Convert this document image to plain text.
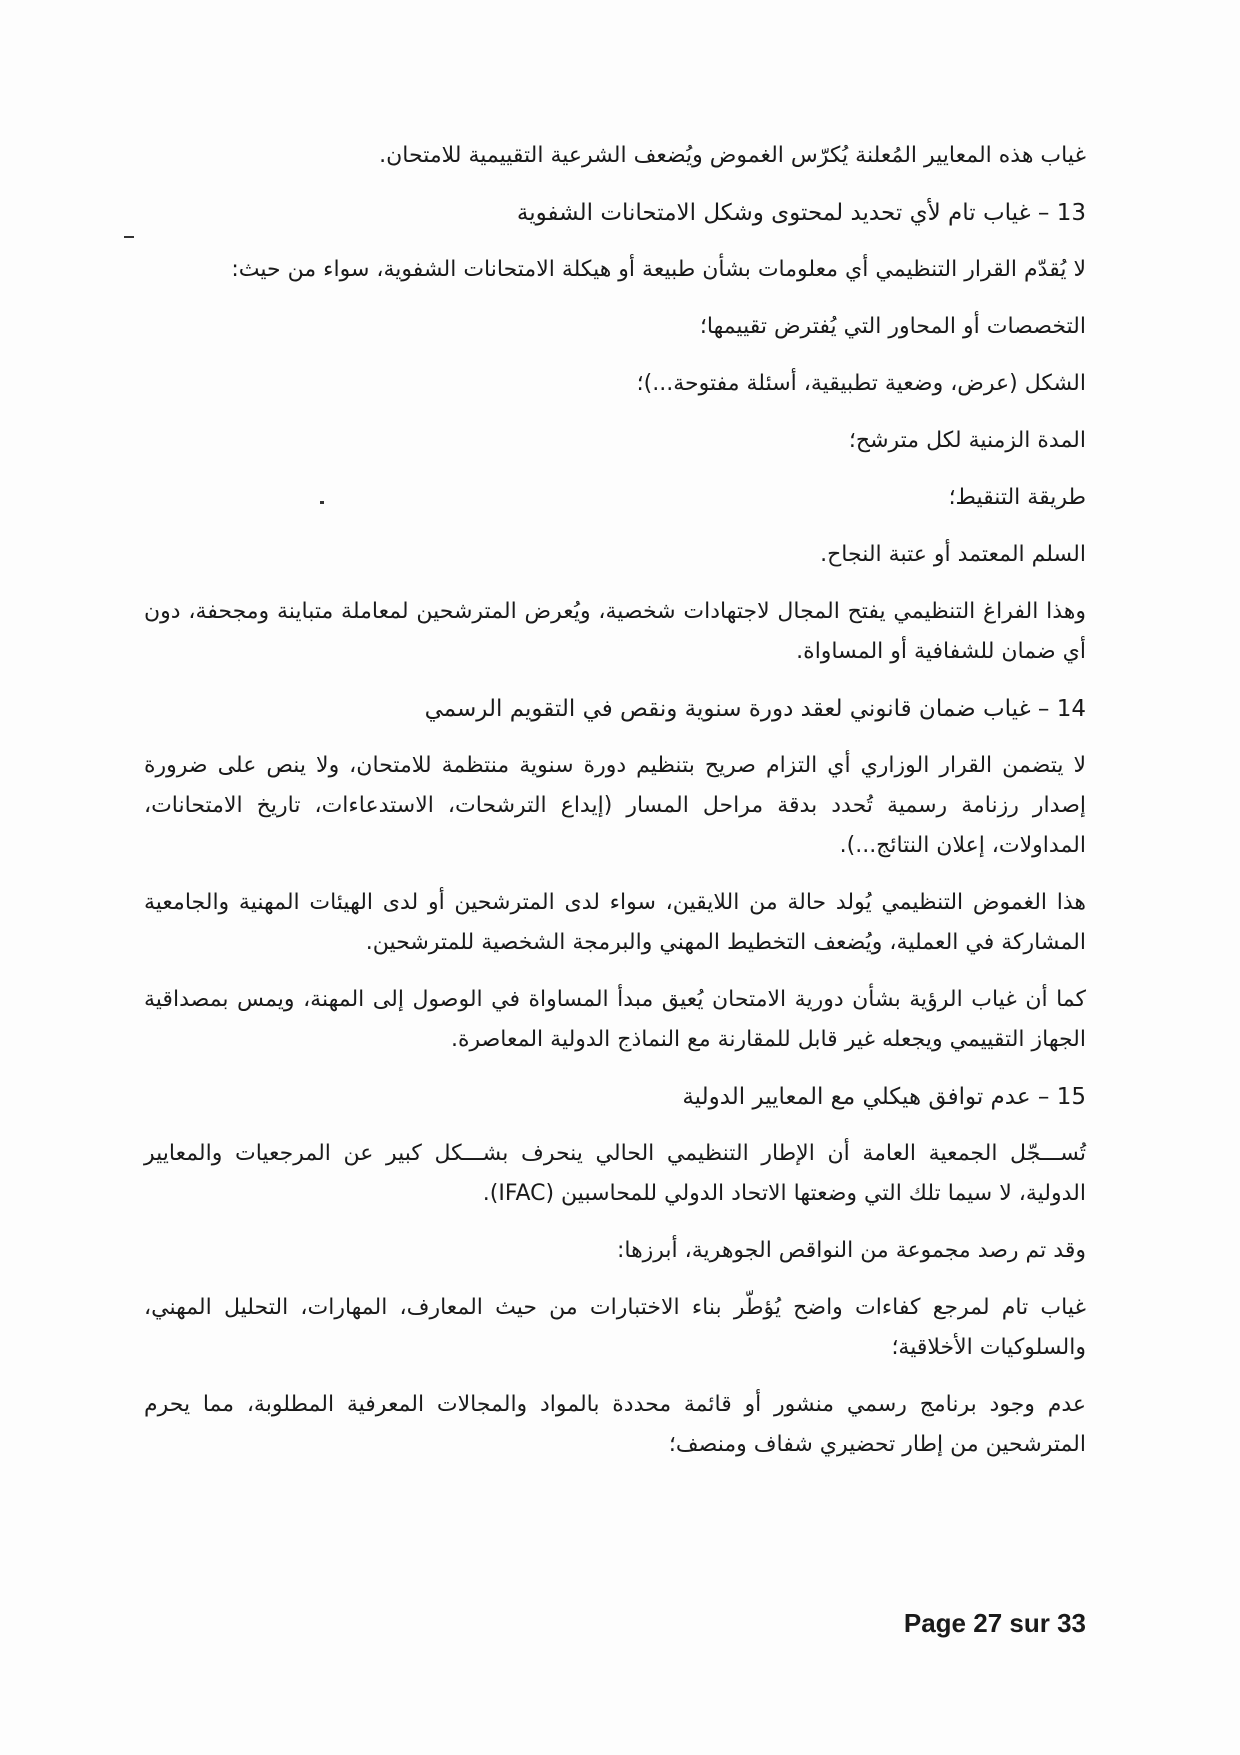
غياب هذه المعايير المُعلنة يُكرّس الغموض ويُضعف الشرعية التقييمية للامتحان.

13 – غياب تام لأي تحديد لمحتوى وشكل الامتحانات الشفوية

لا يُقدّم القرار التنظيمي أي معلومات بشأن طبيعة أو هيكلة الامتحانات الشفوية، سواء من حيث:

التخصصات أو المحاور التي يُفترض تقييمها؛

الشكل (عرض، وضعية تطبيقية، أسئلة مفتوحة...)؛

المدة الزمنية لكل مترشح؛

طريقة التنقيط؛

السلم المعتمد أو عتبة النجاح.

وهذا الفراغ التنظيمي يفتح المجال لاجتهادات شخصية، ويُعرض المترشحين لمعاملة متباينة ومجحفة، دون أي ضمان للشفافية أو المساواة.

14 – غياب ضمان قانوني لعقد دورة سنوية ونقص في التقويم الرسمي

لا يتضمن القرار الوزاري أي التزام صريح بتنظيم دورة سنوية منتظمة للامتحان، ولا ينص على ضرورة إصدار رزنامة رسمية تُحدد بدقة مراحل المسار (إيداع الترشحات، الاستدعاءات، تاريخ الامتحانات، المداولات، إعلان النتائج...).

هذا الغموض التنظيمي يُولد حالة من اللايقين، سواء لدى المترشحين أو لدى الهيئات المهنية والجامعية المشاركة في العملية، ويُضعف التخطيط المهني والبرمجة الشخصية للمترشحين.

كما أن غياب الرؤية بشأن دورية الامتحان يُعيق مبدأ المساواة في الوصول إلى المهنة، ويمس بمصداقية الجهاز التقييمي ويجعله غير قابل للمقارنة مع النماذج الدولية المعاصرة.

15 – عدم توافق هيكلي مع المعايير الدولية

تُســـجّل الجمعية العامة أن الإطار التنظيمي الحالي ينحرف بشـــكل كبير عن المرجعيات والمعايير الدولية، لا سيما تلك التي وضعتها الاتحاد الدولي للمحاسبين (IFAC).

وقد تم رصد مجموعة من النواقص الجوهرية، أبرزها:

غياب تام لمرجع كفاءات واضح يُؤطّر بناء الاختبارات من حيث المعارف، المهارات، التحليل المهني، والسلوكيات الأخلاقية؛

عدم وجود برنامج رسمي منشور أو قائمة محددة بالمواد والمجالات المعرفية المطلوبة، مما يحرم المترشحين من إطار تحضيري شفاف ومنصف؛

Page 27 sur 33
